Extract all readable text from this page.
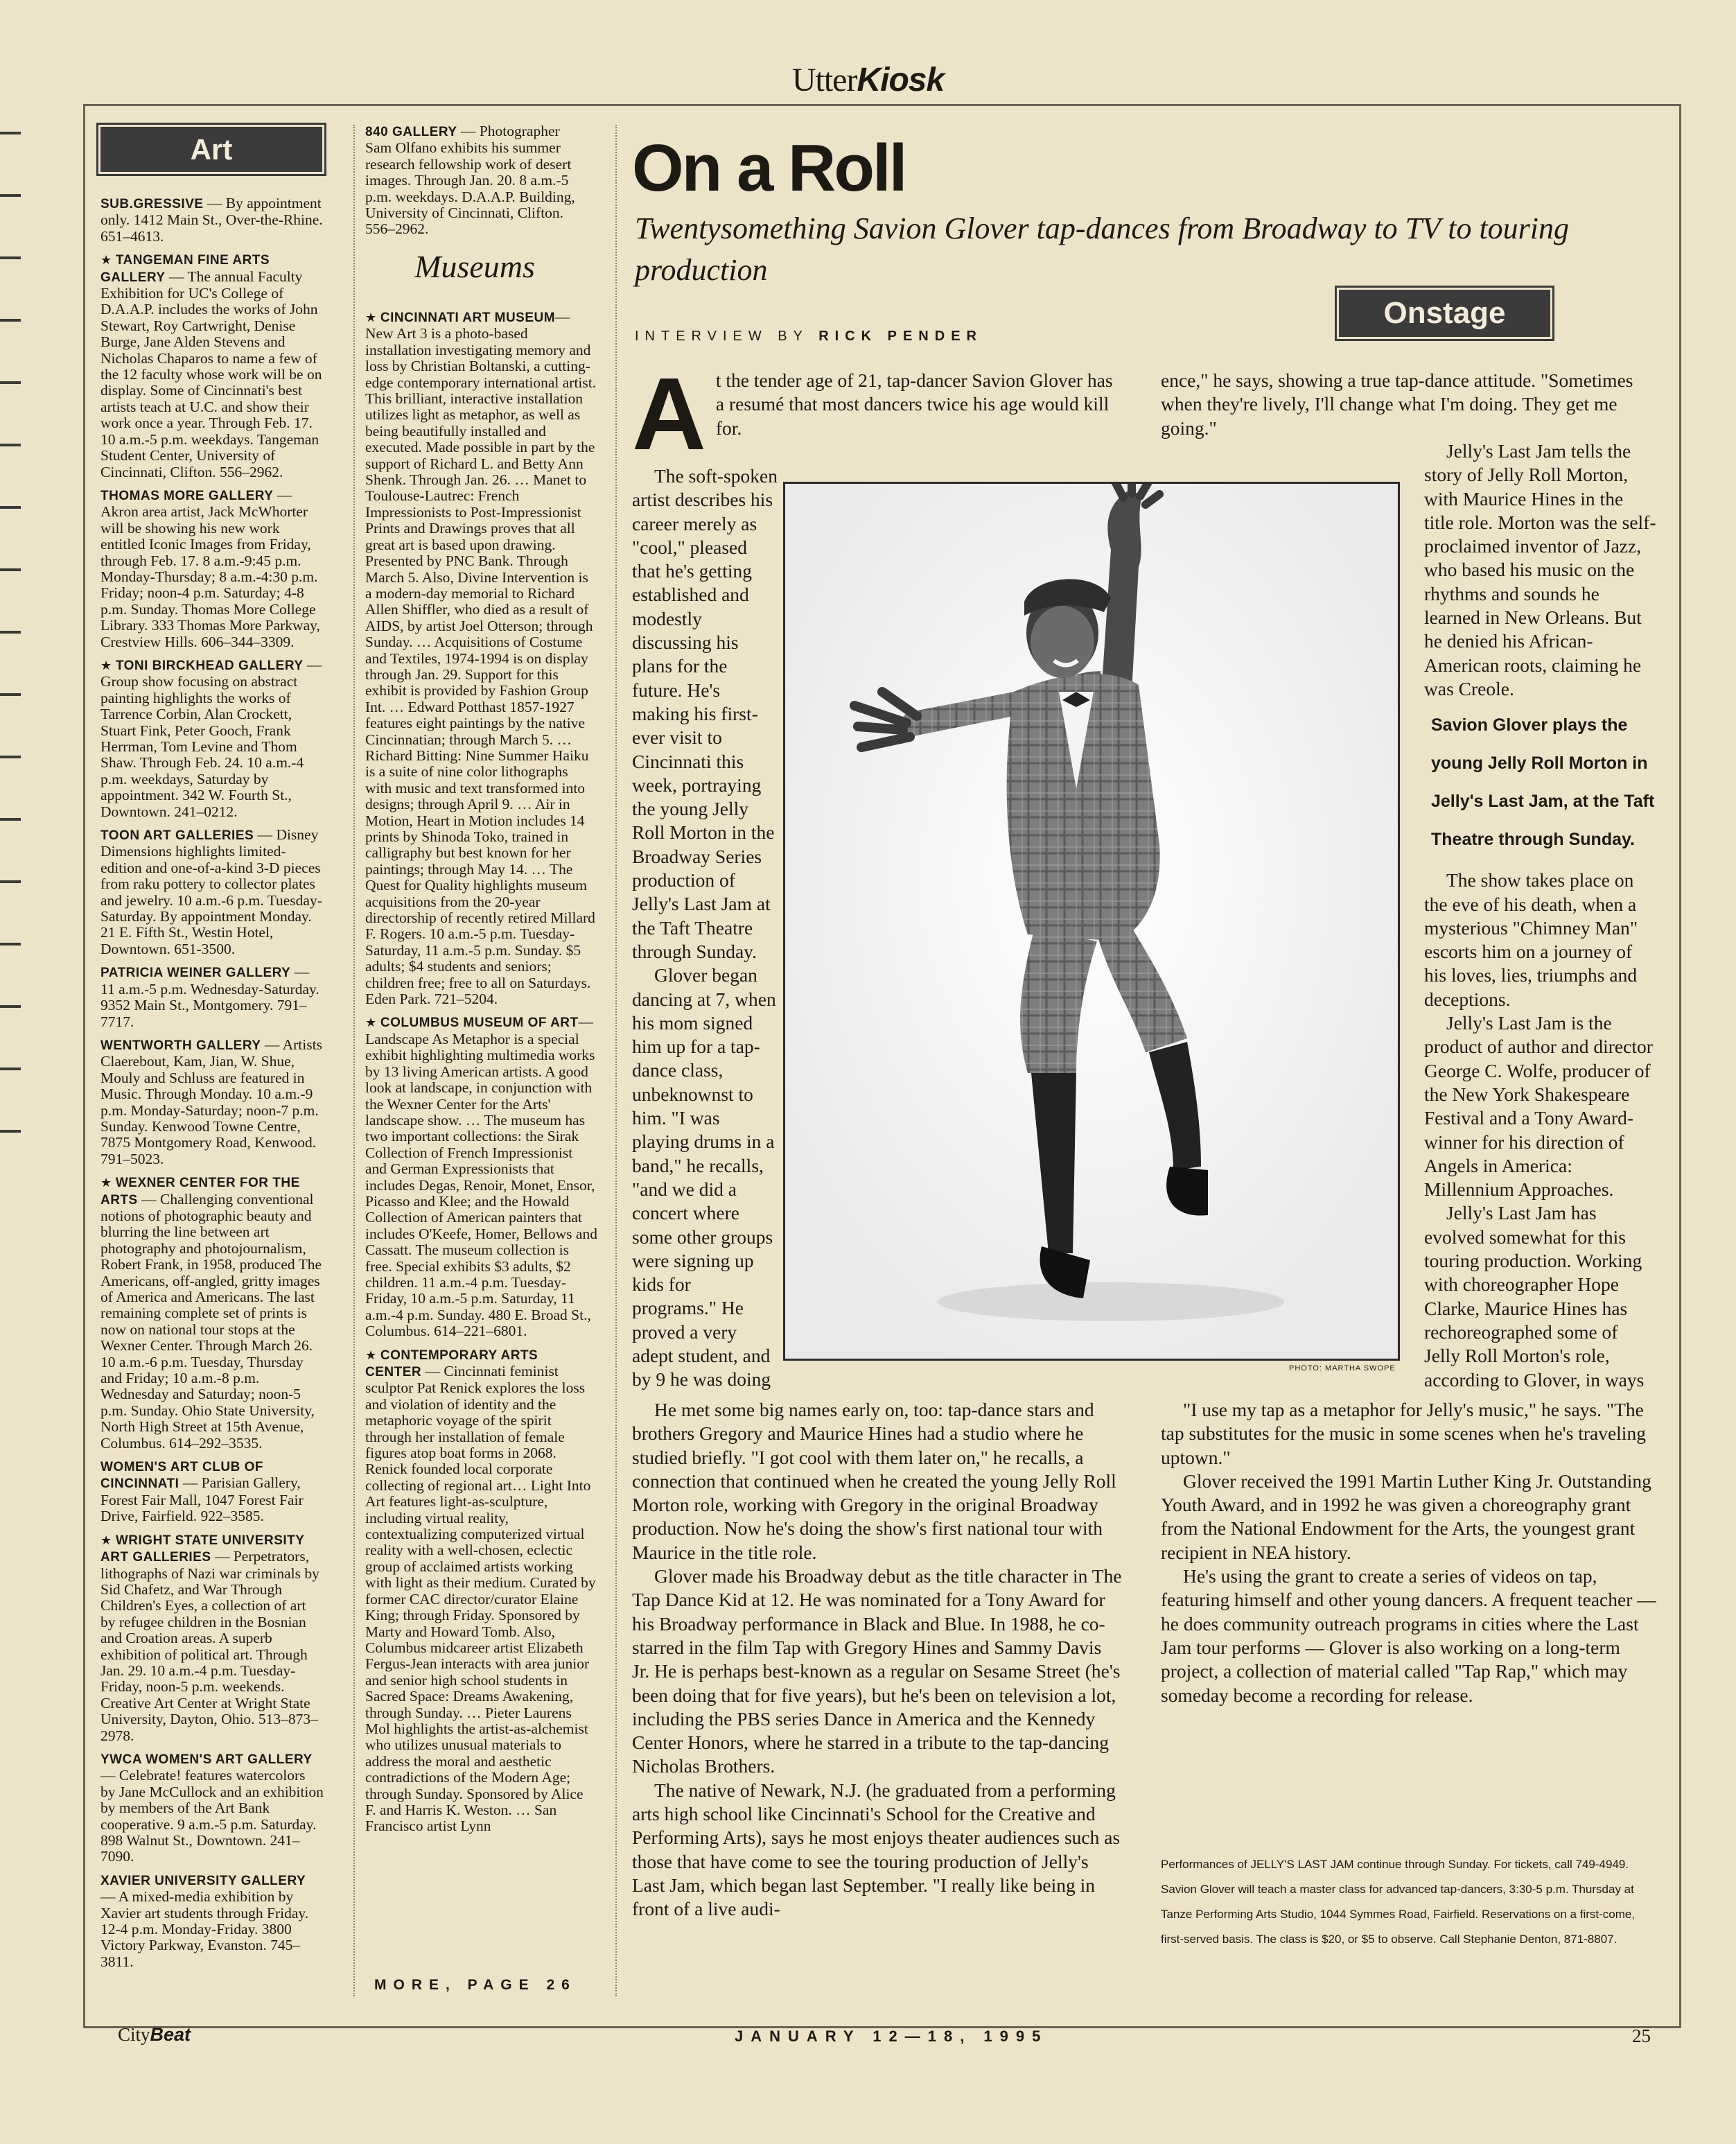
UtterKiosk
Art

SUB.GRESSIVE — By appointment only. 1412 Main St., Over-the-Rhine. 651–4613.

★ TANGEMAN FINE ARTS GALLERY — The annual Faculty Exhibition for UC's College of D.A.A.P. includes the works of John Stewart, Roy Cartwright, Denise Burge, Jane Alden Stevens and Nicholas Chaparos to name a few of the 12 faculty whose work will be on display. Some of Cincinnati's best artists teach at U.C. and show their work once a year. Through Feb. 17. 10 a.m.-5 p.m. weekdays. Tangeman Student Center, University of Cincinnati, Clifton. 556–2962.

THOMAS MORE GALLERY — Akron area artist, Jack McWhorter will be showing his new work entitled Iconic Images from Friday, through Feb. 17. 8 a.m.-9:45 p.m. Monday-Thursday; 8 a.m.-4:30 p.m. Friday; noon-4 p.m. Saturday; 4-8 p.m. Sunday. Thomas More College Library. 333 Thomas More Parkway, Crestview Hills. 606–344–3309.

★ TONI BIRCKHEAD GALLERY — Group show focusing on abstract painting highlights the works of Tarrence Corbin, Alan Crockett, Stuart Fink, Peter Gooch, Frank Herrman, Tom Levine and Thom Shaw. Through Feb. 24. 10 a.m.-4 p.m. weekdays, Saturday by appointment. 342 W. Fourth St., Downtown. 241–0212.

TOON ART GALLERIES — Disney Dimensions highlights limited-edition and one-of-a-kind 3-D pieces from raku pottery to collector plates and jewelry. 10 a.m.-6 p.m. Tuesday-Saturday. By appointment Monday. 21 E. Fifth St., Westin Hotel, Downtown. 651-3500.

PATRICIA WEINER GALLERY — 11 a.m.-5 p.m. Wednesday-Saturday. 9352 Main St., Montgomery. 791–7717.

WENTWORTH GALLERY — Artists Claerebout, Kam, Jian, W. Shue, Mouly and Schluss are featured in Music. Through Monday. 10 a.m.-9 p.m. Monday-Saturday; noon-7 p.m. Sunday. Kenwood Towne Centre, 7875 Montgomery Road, Kenwood. 791–5023.

★ WEXNER CENTER FOR THE ARTS — Challenging conventional notions of photographic beauty and blurring the line between art photography and photojournalism, Robert Frank, in 1958, produced The Americans, off-angled, gritty images of America and Americans. The last remaining complete set of prints is now on national tour stops at the Wexner Center. Through March 26. 10 a.m.-6 p.m. Tuesday, Thursday and Friday; 10 a.m.-8 p.m. Wednesday and Saturday; noon-5 p.m. Sunday. Ohio State University, North High Street at 15th Avenue, Columbus. 614–292–3535.

WOMEN'S ART CLUB OF CINCINNATI — Parisian Gallery, Forest Fair Mall, 1047 Forest Fair Drive, Fairfield. 922–3585.

★ WRIGHT STATE UNIVERSITY ART GALLERIES — Perpetrators, lithographs of Nazi war criminals by Sid Chafetz, and War Through Children's Eyes, a collection of art by refugee children in the Bosnian and Croation areas. A superb exhibition of political art. Through Jan. 29. 10 a.m.-4 p.m. Tuesday-Friday, noon-5 p.m. weekends. Creative Art Center at Wright State University, Dayton, Ohio. 513–873–2978.

YWCA WOMEN'S ART GALLERY — Celebrate! features watercolors by Jane McCullock and an exhibition by members of the Art Bank cooperative. 9 a.m.-5 p.m. Saturday. 898 Walnut St., Downtown. 241–7090.

XAVIER UNIVERSITY GALLERY — A mixed-media exhibition by Xavier art students through Friday. 12-4 p.m. Monday-Friday. 3800 Victory Parkway, Evanston. 745–3811.

840 GALLERY — Photographer Sam Olfano exhibits his summer research fellowship work of desert images. Through Jan. 20. 8 a.m.-5 p.m. weekdays. D.A.A.P. Building, University of Cincinnati, Clifton. 556–2962.

Museums

★ CINCINNATI ART MUSEUM— New Art 3 is a photo-based installation investigating memory and loss by Christian Boltanski, a cutting-edge contemporary international artist. This brilliant, interactive installation utilizes light as metaphor, as well as being beautifully installed and executed. Made possible in part by the support of Richard L. and Betty Ann Shenk. Through Jan. 26. … Manet to Toulouse-Lautrec: French Impressionists to Post-Impressionist Prints and Drawings proves that all great art is based upon drawing. Presented by PNC Bank. Through March 5. Also, Divine Intervention is a modern-day memorial to Richard Allen Shiffler, who died as a result of AIDS, by artist Joel Otterson; through Sunday. … Acquisitions of Costume and Textiles, 1974-1994 is on display through Jan. 29. Support for this exhibit is provided by Fashion Group Int. … Edward Potthast 1857-1927 features eight paintings by the native Cincinnatian; through March 5. … Richard Bitting: Nine Summer Haiku is a suite of nine color lithographs with music and text transformed into designs; through April 9. … Air in Motion, Heart in Motion includes 14 prints by Shinoda Toko, trained in calligraphy but best known for her paintings; through May 14. … The Quest for Quality highlights museum acquisitions from the 20-year directorship of recently retired Millard F. Rogers. 10 a.m.-5 p.m. Tuesday-Saturday, 11 a.m.-5 p.m. Sunday. $5 adults; $4 students and seniors; children free; free to all on Saturdays. Eden Park. 721–5204.

★ COLUMBUS MUSEUM OF ART—Landscape As Metaphor is a special exhibit highlighting multimedia works by 13 living American artists. A good look at landscape, in conjunction with the Wexner Center for the Arts' landscape show. … The museum has two important collections: the Sirak Collection of French Impressionist and German Expressionists that includes Degas, Renoir, Monet, Ensor, Picasso and Klee; and the Howald Collection of American painters that includes O'Keefe, Homer, Bellows and Cassatt. The museum collection is free. Special exhibits $3 adults, $2 children. 11 a.m.-4 p.m. Tuesday-Friday, 10 a.m.-5 p.m. Saturday, 11 a.m.-4 p.m. Sunday. 480 E. Broad St., Columbus. 614–221–6801.

★ CONTEMPORARY ARTS CENTER — Cincinnati feminist sculptor Pat Renick explores the loss and violation of identity and the metaphoric voyage of the spirit through her installation of female figures atop boat forms in 2068. Renick founded local corporate collecting of regional art… Light Into Art features light-as-sculpture, including virtual reality, contextualizing computerized virtual reality with a well-chosen, eclectic group of acclaimed artists working with light as their medium. Curated by former CAC director/curator Elaine King; through Friday. Sponsored by Marty and Howard Tomb. Also, Columbus midcareer artist Elizabeth Fergus-Jean interacts with area junior and senior high school students in Sacred Space: Dreams Awakening, through Sunday. … Pieter Laurens Mol highlights the artist-as-alchemist who utilizes unusual materials to address the moral and aesthetic contradictions of the Modern Age; through Sunday. Sponsored by Alice F. and Harris K. Weston. … San Francisco artist Lynn

MORE, PAGE 26
On a Roll
Twentysomething Savion Glover tap-dances from Broadway to TV to touring production
Onstage
INTERVIEW BY RICK PENDER
A t the tender age of 21, tap-dancer Savion Glover has a resumé that most dancers twice his age would kill for.

The soft-spoken artist describes his career merely as "cool," pleased that he's getting established and modestly discussing his plans for the future. He's making his first-ever visit to Cincinnati this week, portraying the young Jelly Roll Morton in the Broadway Series production of Jelly's Last Jam at the Taft Theatre through Sunday.

Glover began dancing at 7, when his mom signed him up for a tap-dance class, unbeknownst to him. "I was playing drums in a band," he recalls, "and we did a concert where some other groups were signing up kids for programs." He proved a very adept student, and by 9 he was doing

He met some big names early on, too: tap-dance stars and brothers Gregory and Maurice Hines had a studio where he studied briefly. "I got cool with them later on," he recalls, a connection that continued when he created the young Jelly Roll Morton role, working with Gregory in the original Broadway production. Now he's doing the show's first national tour with Maurice in the title role.

Glover made his Broadway debut as the title character in The Tap Dance Kid at 12. He was nominated for a Tony Award for his Broadway performance in Black and Blue. In 1988, he co-starred in the film Tap with Gregory Hines and Sammy Davis Jr. He is perhaps best-known as a regular on Sesame Street (he's been doing that for five years), but he's been on television a lot, including the PBS series Dance in America and the Kennedy Center Honors, where he starred in a tribute to the tap-dancing Nicholas Brothers.

The native of Newark, N.J. (he graduated from a performing arts high school like Cincinnati's School for the Creative and Performing Arts), says he most enjoys theater audiences such as those that have come to see the touring production of Jelly's Last Jam, which began last September. "I really like being in front of a live audi-

PHOTO: MARTHA SWOPE

ence," he says, showing a true tap-dance attitude. "Sometimes when they're lively, I'll change what I'm doing. They get me going."

Jelly's Last Jam tells the story of Jelly Roll Morton, with Maurice Hines in the title role. Morton was the self-proclaimed inventor of Jazz, who based his music on the rhythms and sounds he learned in New Orleans. But he denied his African-American roots, claiming he was Creole.

Savion Glover plays the young Jelly Roll Morton in Jelly's Last Jam, at the Taft Theatre through Sunday.

The show takes place on the eve of his death, when a mysterious "Chimney Man" escorts him on a journey of his loves, lies, triumphs and deceptions.

Jelly's Last Jam is the product of author and director George C. Wolfe, producer of the New York Shakespeare Festival and a Tony Award-winner for his direction of Angels in America: Millennium Approaches.

Jelly's Last Jam has evolved somewhat for this touring production. Working with choreographer Hope Clarke, Maurice Hines has rechoreographed some of Jelly Roll Morton's role, according to Glover, in ways

"I use my tap as a metaphor for Jelly's music," he says. "The tap substitutes for the music in some scenes when he's traveling uptown."

Glover received the 1991 Martin Luther King Jr. Outstanding Youth Award, and in 1992 he was given a choreography grant from the National Endowment for the Arts, the youngest grant recipient in NEA history.

He's using the grant to create a series of videos on tap, featuring himself and other young dancers. A frequent teacher — he does community outreach programs in cities where the Last Jam tour performs — Glover is also working on a long-term project, a collection of material called "Tap Rap," which may someday become a recording for release.

Performances of JELLY'S LAST JAM continue through Sunday. For tickets, call 749-4949. Savion Glover will teach a master class for advanced tap-dancers, 3:30-5 p.m. Thursday at Tanze Performing Arts Studio, 1044 Symmes Road, Fairfield. Reservations on a first-come, first-served basis. The class is $20, or $5 to observe. Call Stephanie Denton, 871-8807.
CityBeat	JANUARY 12—18, 1995	25
